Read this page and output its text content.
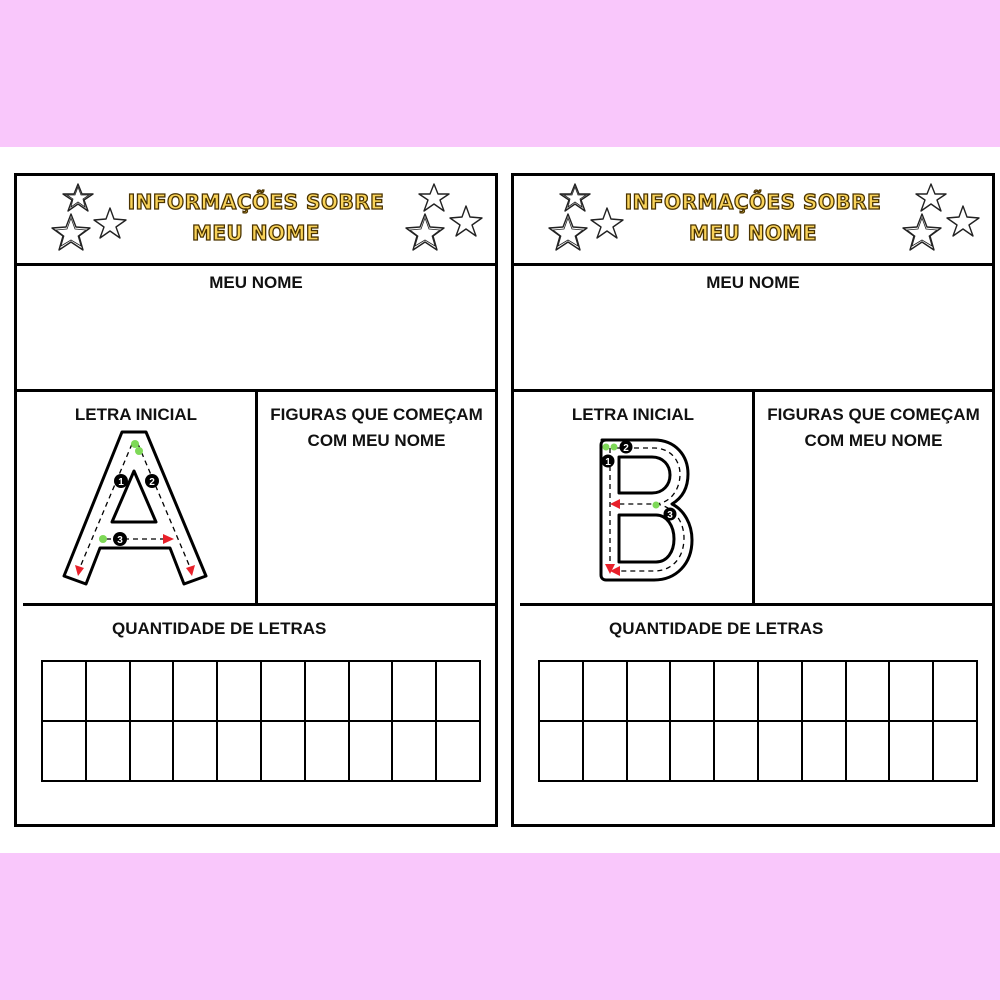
INFORMAÇÕES SOBRE
MEU NOME
MEU NOME
LETRA INICIAL	FIGURAS QUE COMEÇAM
COM MEU NOME
1	2
3
QUANTIDADE DE LETRAS
INFORMAÇÕES SOBRE
MEU NOME
MEU NOME
LETRA INICIAL	FIGURAS QUE COMEÇAM
COM MEU NOME
1
2
3
QUANTIDADE DE LETRAS
